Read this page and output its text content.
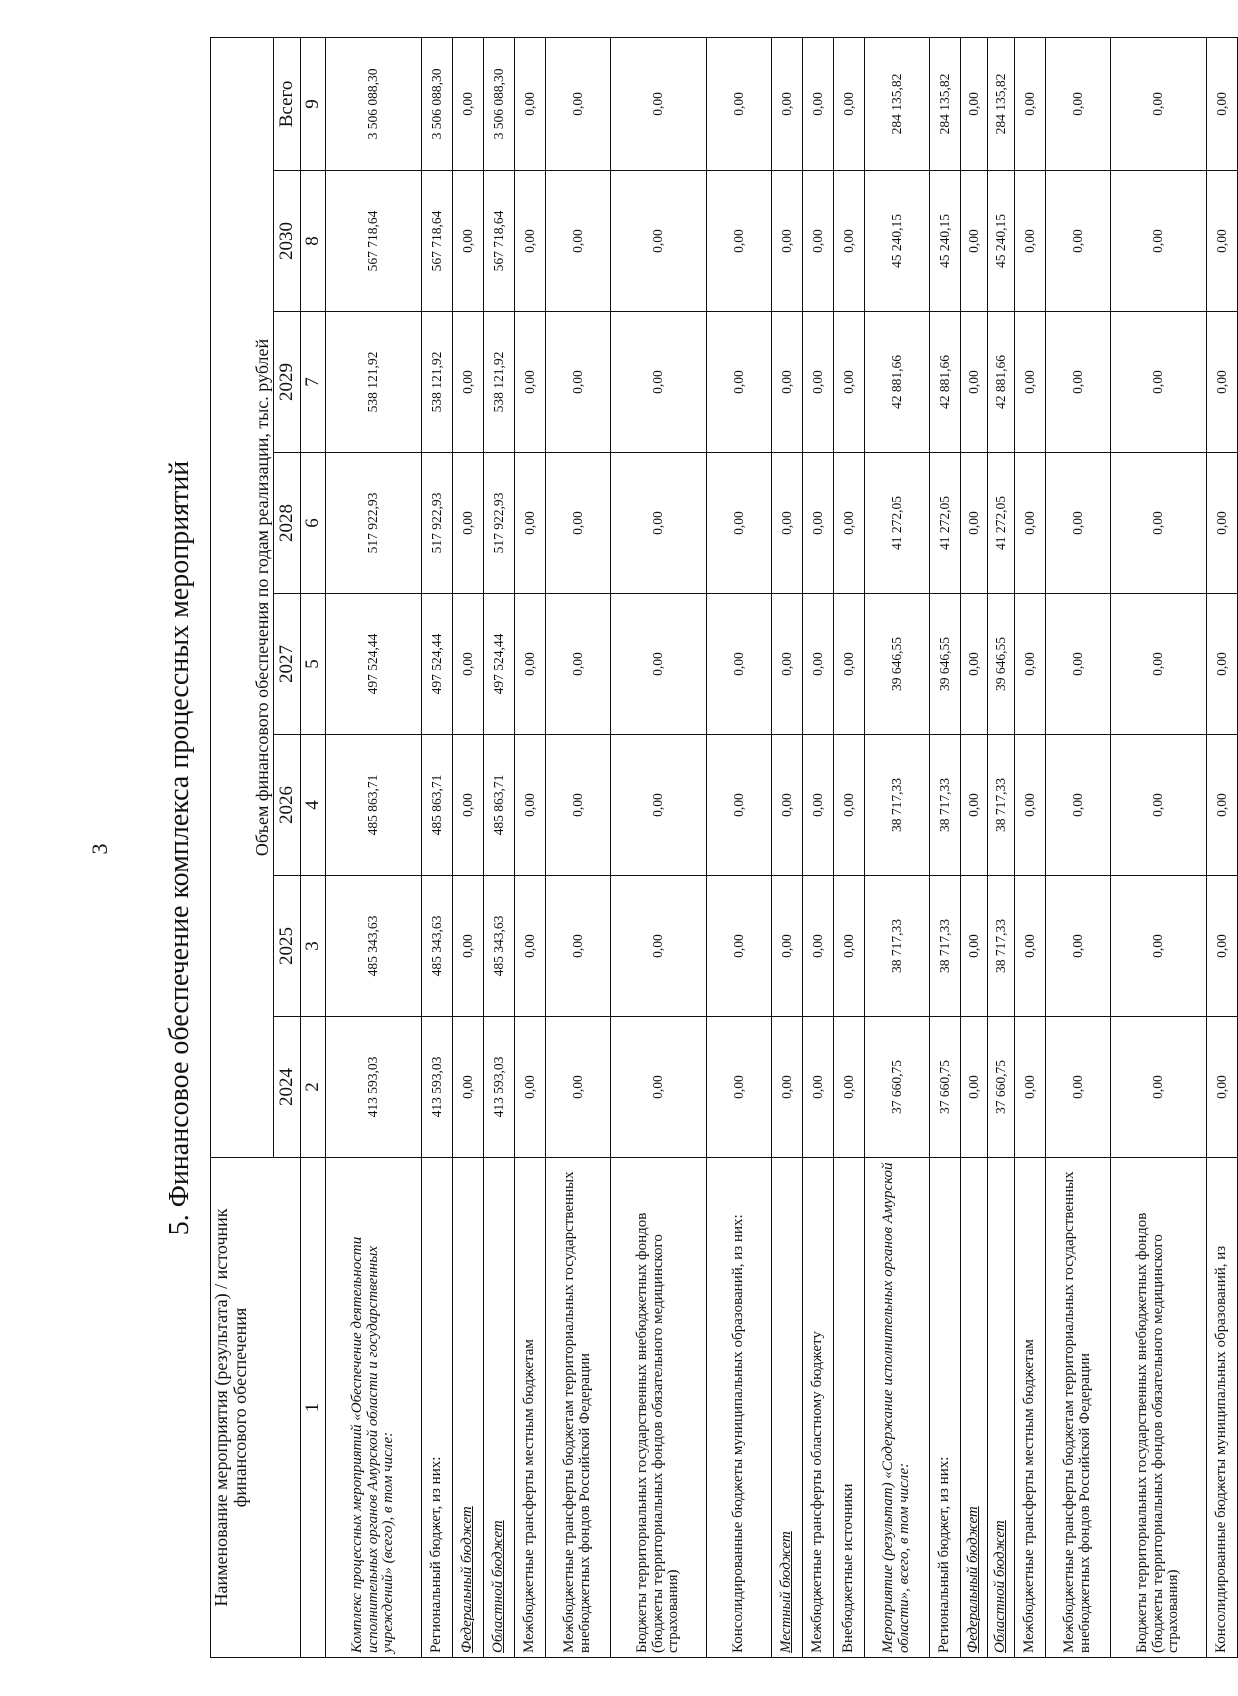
3 5. Финансовое обеспечение комплекса процессных мероприятий
Наименование мероприятия (результата) / источник финансового обеспечения	Объем финансового обеспечения по годам реализации, тыс. рублей							
	2024	2025	2026	2027	2028	2029	2030	Всего
1	2	3	4	5	6	7	8	9
Комплекс процессных мероприятий «Обеспечение деятельности исполнительных органов Амурской области и государственных учреждений» (всего), в том числе:	413 593,03	485 343,63	485 863,71	497 524,44	517 922,93	538 121,92	567 718,64	3 506 088,30
Региональный бюджет, из них:	413 593,03	485 343,63	485 863,71	497 524,44	517 922,93	538 121,92	567 718,64	3 506 088,30
Федеральный бюджет	0,00	0,00	0,00	0,00	0,00	0,00	0,00	0,00
Областной бюджет	413 593,03	485 343,63	485 863,71	497 524,44	517 922,93	538 121,92	567 718,64	3 506 088,30
Межбюджетные трансферты местным бюджетам	0,00	0,00	0,00	0,00	0,00	0,00	0,00	0,00
Межбюджетные трансферты бюджетам территориальных государственных внебюджетных фондов Российской Федерации	0,00	0,00	0,00	0,00	0,00	0,00	0,00	0,00
Бюджеты территориальных государственных внебюджетных фондов (бюджеты территориальных фондов обязательного медицинского страхования)	0,00	0,00	0,00	0,00	0,00	0,00	0,00	0,00
Консолидированные бюджеты муниципальных образований, из них:	0,00	0,00	0,00	0,00	0,00	0,00	0,00	0,00
Местный бюджет	0,00	0,00	0,00	0,00	0,00	0,00	0,00	0,00
Межбюджетные трансферты областному бюджету	0,00	0,00	0,00	0,00	0,00	0,00	0,00	0,00
Внебюджетные источники	0,00	0,00	0,00	0,00	0,00	0,00	0,00	0,00
Мероприятие (результат) «Содержание исполнительных органов Амурской области», всего, в том числе:	37 660,75	38 717,33	38 717,33	39 646,55	41 272,05	42 881,66	45 240,15	284 135,82
Региональный бюджет, из них:	37 660,75	38 717,33	38 717,33	39 646,55	41 272,05	42 881,66	45 240,15	284 135,82
Федеральный бюджет	0,00	0,00	0,00	0,00	0,00	0,00	0,00	0,00
Областной бюджет	37 660,75	38 717,33	38 717,33	39 646,55	41 272,05	42 881,66	45 240,15	284 135,82
Межбюджетные трансферты местным бюджетам	0,00	0,00	0,00	0,00	0,00	0,00	0,00	0,00
Межбюджетные трансферты бюджетам территориальных государственных внебюджетных фондов Российской Федерации	0,00	0,00	0,00	0,00	0,00	0,00	0,00	0,00
Бюджеты территориальных государственных внебюджетных фондов (бюджеты территориальных фондов обязательного медицинского страхования)	0,00	0,00	0,00	0,00	0,00	0,00	0,00	0,00
Консолидированные бюджеты муниципальных образований, из	0,00	0,00	0,00	0,00	0,00	0,00	0,00	0,00
